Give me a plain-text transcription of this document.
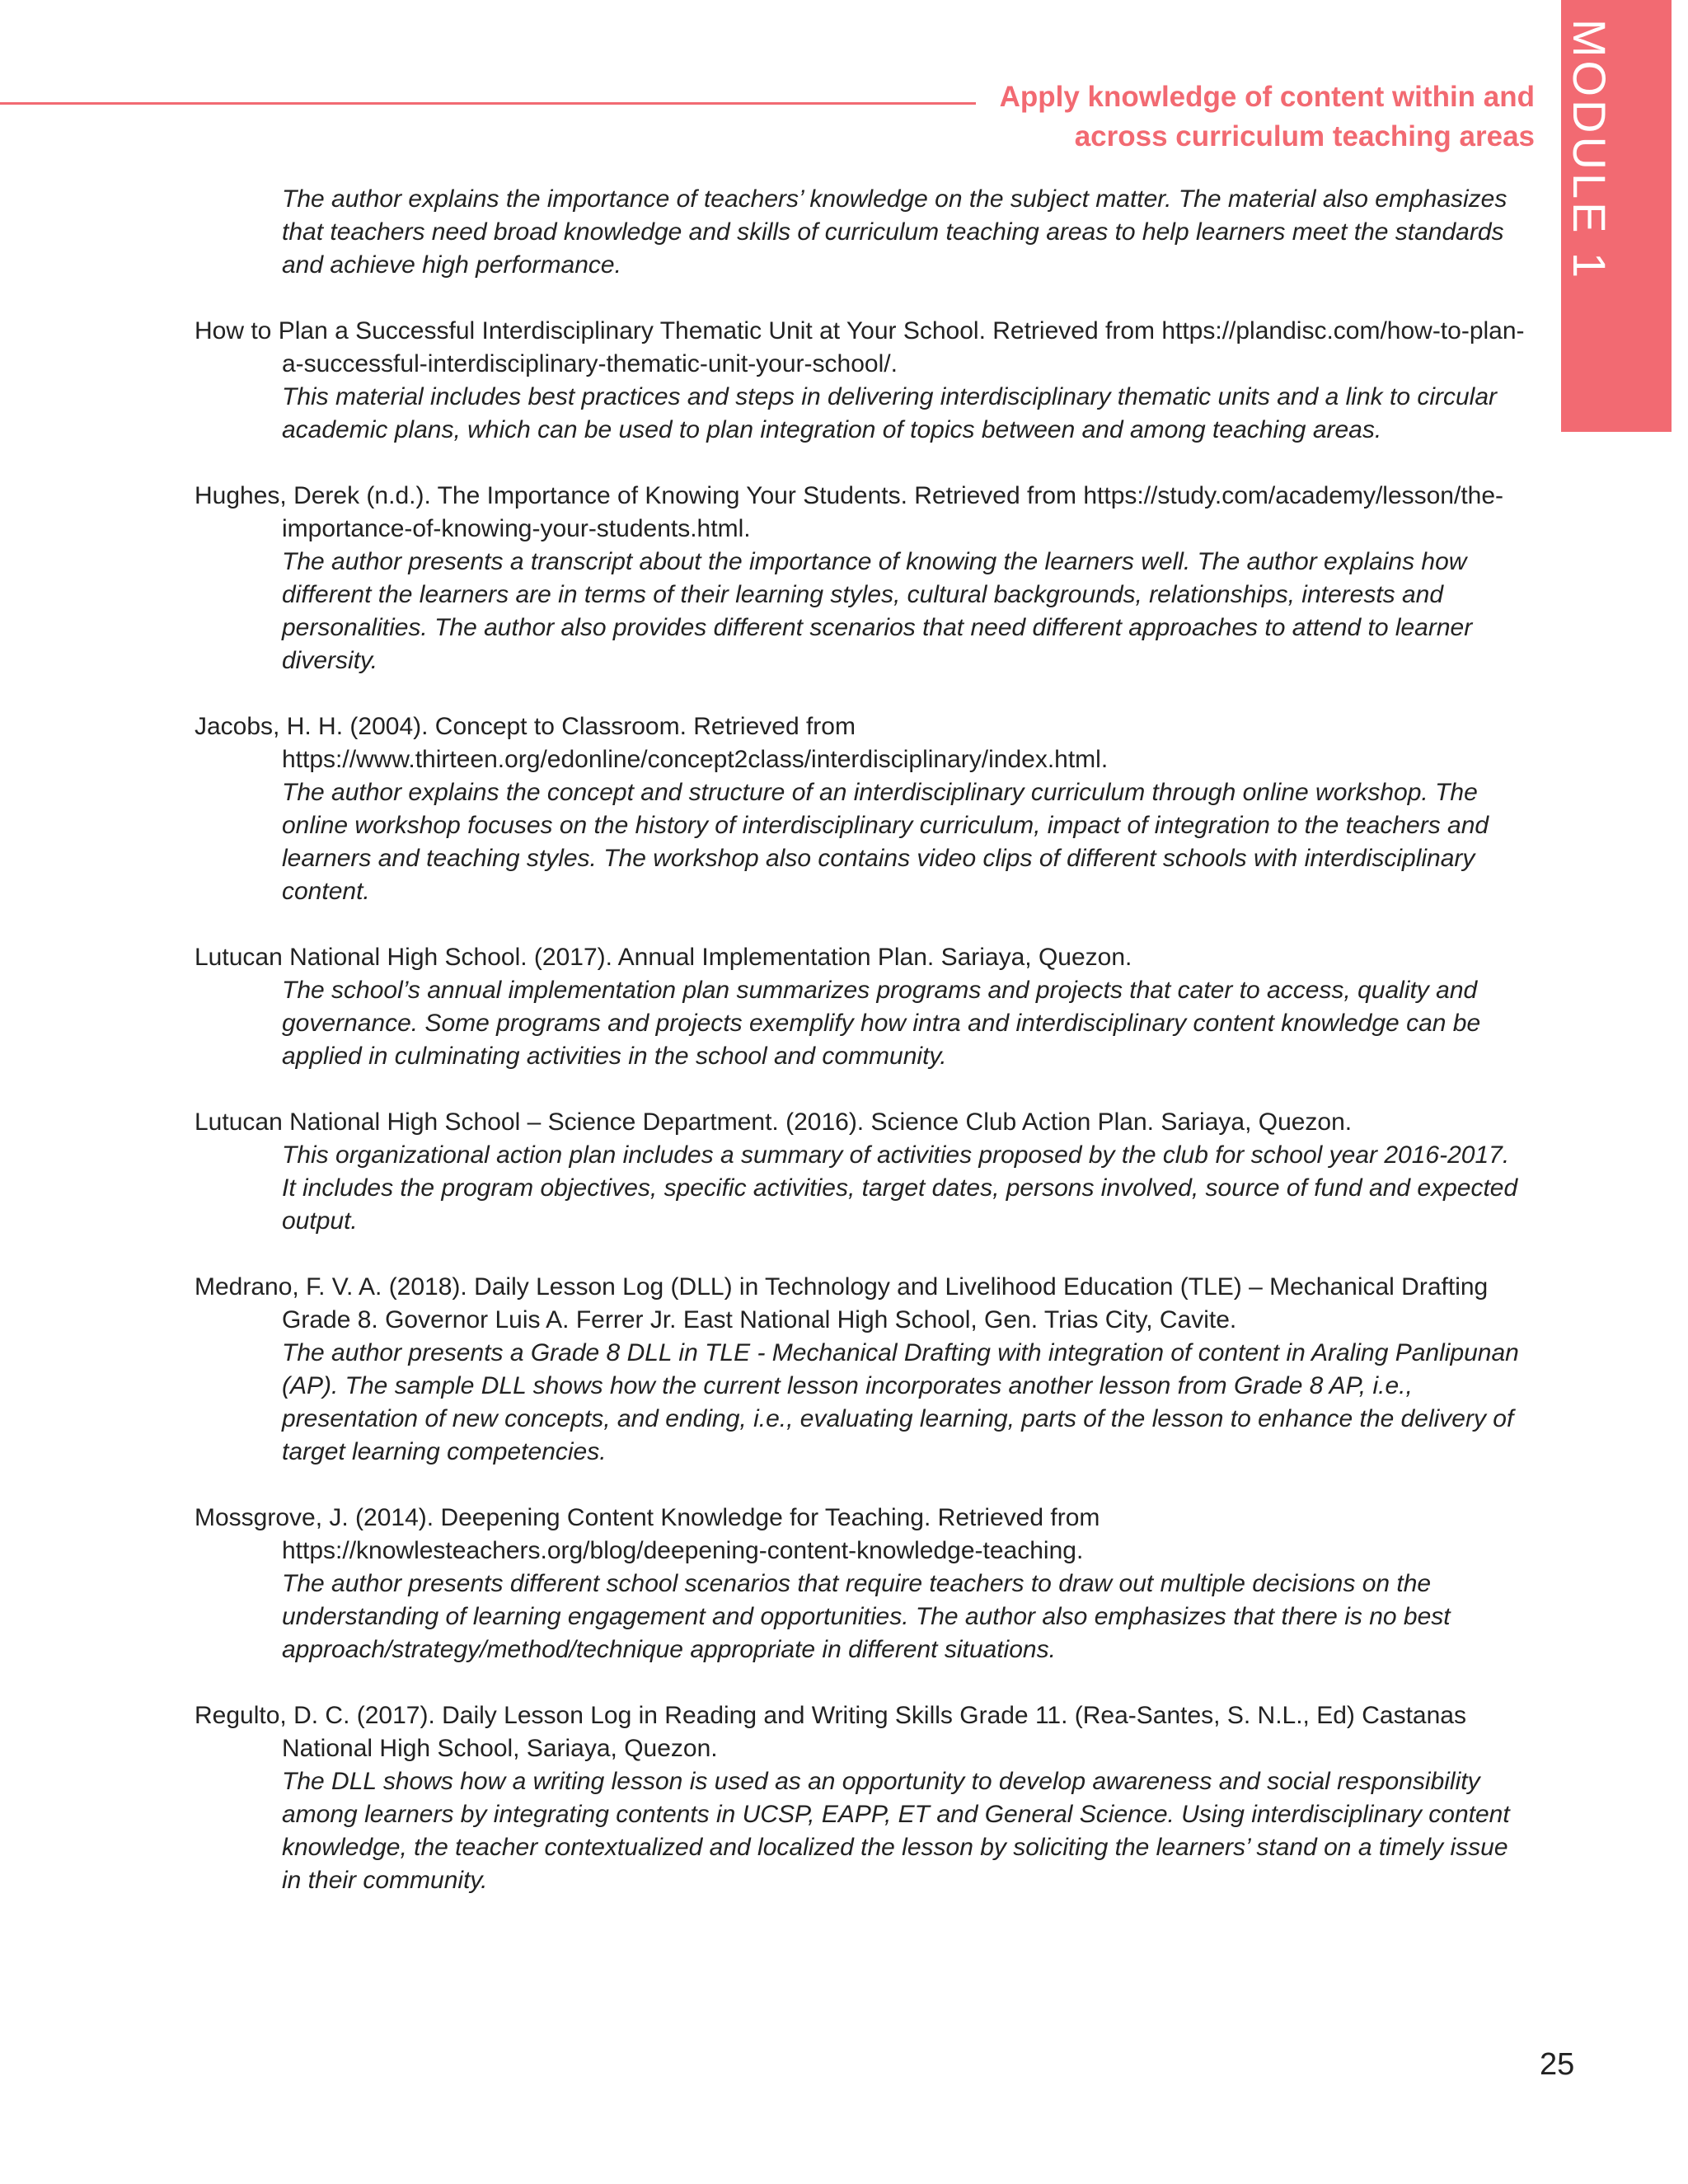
Apply knowledge of content within and
across curriculum teaching areas MODULE 1
The author explains the importance of teachers’ knowledge on the subject matter. The material also emphasizes that teachers need broad knowledge and skills of curriculum teaching areas to help learners meet the standards and achieve high performance.
How to Plan a Successful Interdisciplinary Thematic Unit at Your School. Retrieved from https://plandisc.com/how-to-plan-a-successful-interdisciplinary-thematic-unit-your-school/.
This material includes best practices and steps in delivering interdisciplinary thematic units and a link to circular academic plans, which can be used to plan integration of topics between and among teaching areas.
Hughes, Derek (n.d.). The Importance of Knowing Your Students. Retrieved from https://study.com/academy/lesson/the-importance-of-knowing-your-students.html.
The author presents a transcript about the importance of knowing the learners well. The author explains how different the learners are in terms of their learning styles, cultural backgrounds, relationships, interests and personalities. The author also provides different scenarios that need different approaches to attend to learner diversity.
Jacobs, H. H. (2004). Concept to Classroom. Retrieved from https://www.thirteen.org/edonline/concept2class/interdisciplinary/index.html.
The author explains the concept and structure of an interdisciplinary curriculum through online workshop. The online workshop focuses on the history of interdisciplinary curriculum, impact of integration to the teachers and learners and teaching styles. The workshop also contains video clips of different schools with interdisciplinary content.
Lutucan National High School. (2017). Annual Implementation Plan. Sariaya, Quezon.
The school’s annual implementation plan summarizes programs and projects that cater to access, quality and governance. Some programs and projects exemplify how intra and interdisciplinary content knowledge can be applied in culminating activities in the school and community.
Lutucan National High School – Science Department. (2016). Science Club Action Plan. Sariaya, Quezon.
This organizational action plan includes a summary of activities proposed by the club for school year 2016-2017. It includes the program objectives, specific activities, target dates, persons involved, source of fund and expected output.
Medrano, F. V. A. (2018). Daily Lesson Log (DLL) in Technology and Livelihood Education (TLE) – Mechanical Drafting Grade 8. Governor Luis A. Ferrer Jr. East National High School, Gen. Trias City, Cavite.
The author presents a Grade 8 DLL in TLE - Mechanical Drafting with integration of content in Araling Panlipunan (AP). The sample DLL shows how the current lesson incorporates another lesson from Grade 8 AP, i.e., presentation of new concepts, and ending, i.e., evaluating learning, parts of the lesson to enhance the delivery of target learning competencies.
Mossgrove, J. (2014). Deepening Content Knowledge for Teaching. Retrieved from https://knowlesteachers.org/blog/deepening-content-knowledge-teaching.
The author presents different school scenarios that require teachers to draw out multiple decisions on the understanding of learning engagement and opportunities. The author also emphasizes that there is no best approach/strategy/method/technique appropriate in different situations.
Regulto, D. C. (2017). Daily Lesson Log in Reading and Writing Skills Grade 11. (Rea-Santes, S. N.L., Ed) Castanas National High School, Sariaya, Quezon.
The DLL shows how a writing lesson is used as an opportunity to develop awareness and social responsibility among learners by integrating contents in UCSP, EAPP, ET and General Science. Using interdisciplinary content knowledge, the teacher contextualized and localized the lesson by soliciting the learners’ stand on a timely issue in their community.
25
